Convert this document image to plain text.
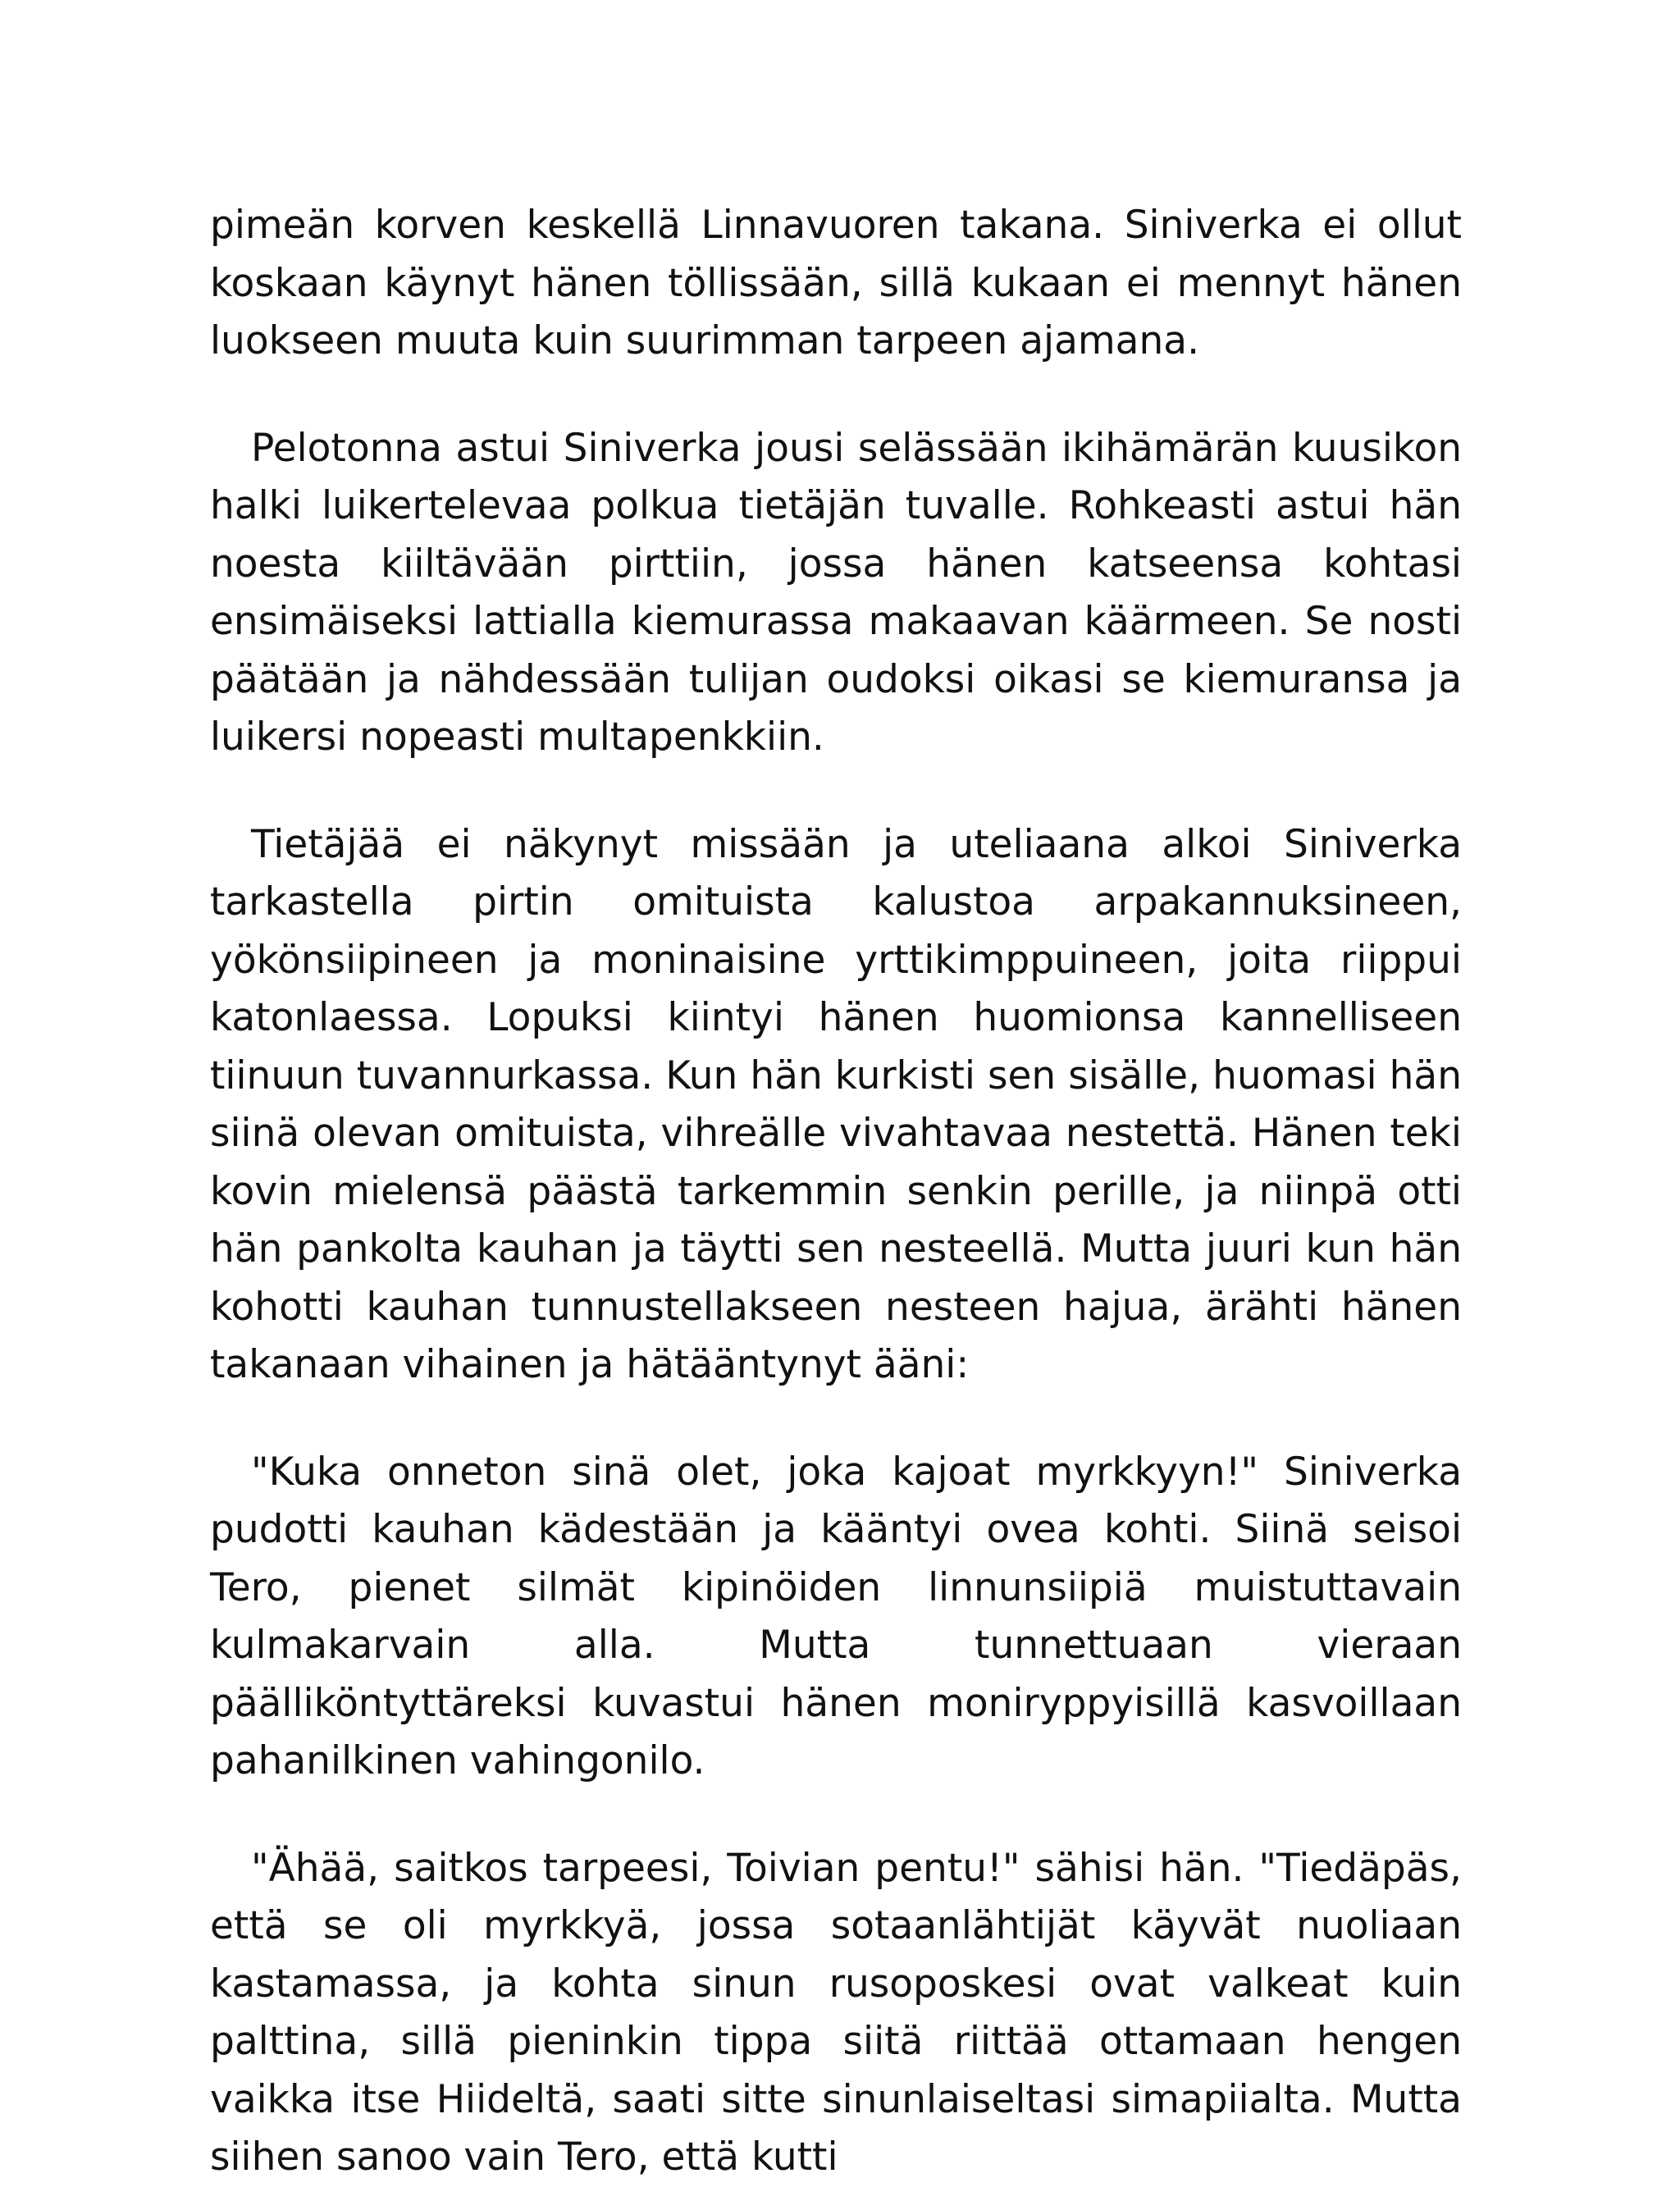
pimeän korven keskellä Linnavuoren takana. Siniverka ei ollut koskaan käynyt hänen töllissään, sillä kukaan ei mennyt hänen luokseen muuta kuin suurimman tarpeen ajamana.

Pelotonna astui Siniverka jousi selässään ikihämärän kuusikon halki luikertelevaa polkua tietäjän tuvalle. Rohkeasti astui hän noesta kiiltävään pirttiin, jossa hänen katseensa kohtasi ensimäiseksi lattialla kiemurassa makaavan käärmeen. Se nosti päätään ja nähdessään tulijan oudoksi oikasi se kiemuransa ja luikersi nopeasti multapenkkiin.

Tietäjää ei näkynyt missään ja uteliaana alkoi Siniverka tarkastella pirtin omituista kalustoa arpakannuksineen, yökönsiipineen ja moninaisine yrttikimppuineen, joita riippui katonlaessa. Lopuksi kiintyi hänen huomionsa kannelliseen tiinuun tuvannurkassa. Kun hän kurkisti sen sisälle, huomasi hän siinä olevan omituista, vihreälle vivahtavaa nestettä. Hänen teki kovin mielensä päästä tarkemmin senkin perille, ja niinpä otti hän pankolta kauhan ja täytti sen nesteellä. Mutta juuri kun hän kohotti kauhan tunnustellakseen nesteen hajua, ärähti hänen takanaan vihainen ja hätääntynyt ääni:

"Kuka onneton sinä olet, joka kajoat myrkkyyn!" Siniverka pudotti kauhan kädestään ja kääntyi ovea kohti. Siinä seisoi Tero, pienet silmät kipinöiden linnunsiipiä muistuttavain kulmakarvain alla. Mutta tunnettuaan vieraan päälliköntyttäreksi kuvastui hänen moniryppyisillä kasvoillaan pahanilkinen vahingonilo.

"Ähää, saitkos tarpeesi, Toivian pentu!" sähisi hän. "Tiedäpäs, että se oli myrkkyä, jossa sotaanlähtijät käyvät nuoliaan kastamassa, ja kohta sinun rusoposkesi ovat valkeat kuin palttina, sillä pieninkin tippa siitä riittää ottamaan hengen vaikka itse Hiideltä, saati sitte sinunlaiseltasi simapiialta. Mutta siihen sanoo vain Tero, että kutti
